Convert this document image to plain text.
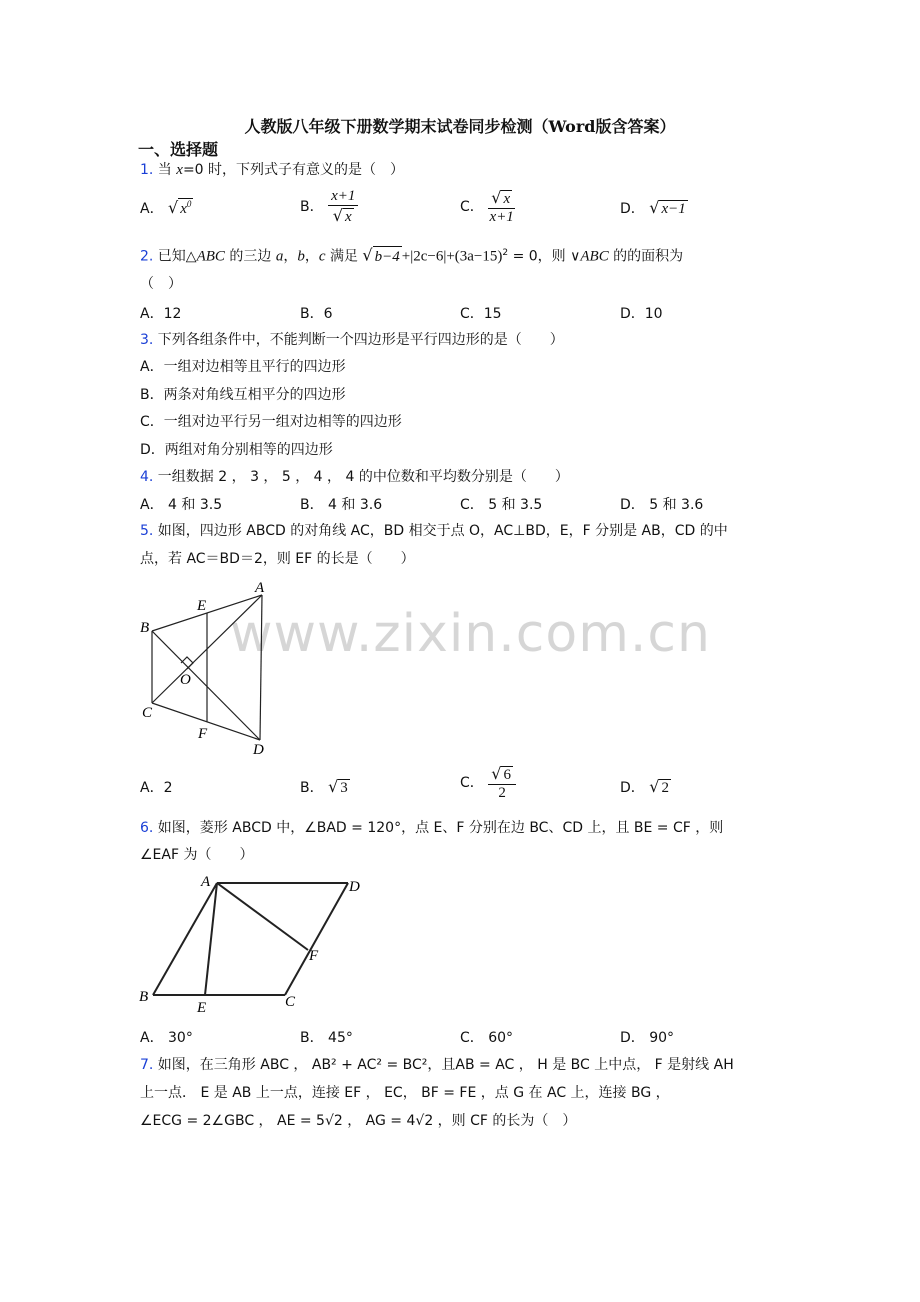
www.zixin.com.cn
人教版八年级下册数学期末试卷同步检测（Word版含答案）
一、选择题
1. 当 x=0 时，下列式子有意义的是（　）
A． √ $x^0$	B． $\frac{x+1}{√ x}$	C． $\frac{√ x}{x+1}$	D． √ x−1
2. 已知△ABC 的三边 a，b，c 满足 √ $b-4 +|2c-6|+(3a-15)^2 = 0$，则 ∨ABC 的的面积为
（　）
A．12	B．6	C．15	D．10
3. 下列各组条件中，不能判断一个四边形是平行四边形的是（　　）
A．一组对边相等且平行的四边形
B．两条对角线互相平分的四边形
C．一组对边平行另一组对边相等的四边形
D．两组对角分别相等的四边形
4. 一组数据 2 ， 3 ， 5 ， 4 ， 4 的中位数和平均数分别是（　　）
A． 4 和 3.5	B． 4 和 3.6	C． 5 和 3.5	D． 5 和 3.6
5. 如图，四边形 ABCD 的对角线 AC，BD 相交于点 O，AC⊥BD，E，F 分别是 AB，CD 的中
点，若 AC＝BD＝2，则 EF 的长是（　　）
B
A
E
O
C
F
D
A．2	B． √ 3	C． $\frac{√ 6}{2}$	D． √ 2
6. 如图，菱形 ABCD 中，∠BAD = 120°，点 E、F 分别在边 BC、CD 上，且 BE = CF ，则
∠EAF 为（　　）
A	D
F
B
E	C
A． 30°	B． 45°	C． 60°	D． 90°
7. 如图，在三角形 ABC ， AB² + AC² = BC²，且AB = AC ， H 是 BC 上中点， F 是射线 AH
上一点． E 是 AB 上一点，连接 EF ， EC， BF = FE ，点 G 在 AC 上，连接 BG ，
∠ECG = 2∠GBC ， AE = 5√2 ， AG = 4√2 ，则 CF 的长为（　）
